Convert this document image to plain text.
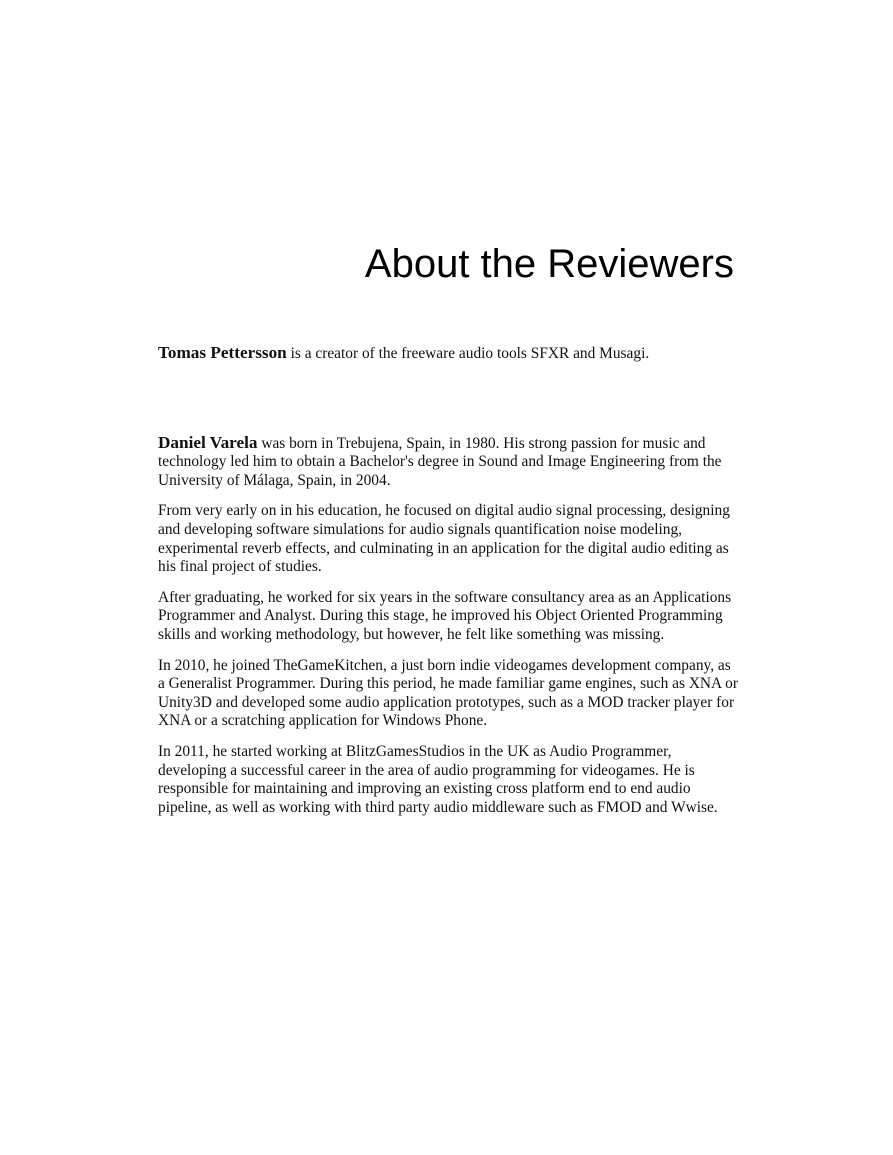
About the Reviewers

Tomas Pettersson is a creator of the freeware audio tools SFXR and Musagi.

Daniel Varela was born in Trebujena, Spain, in 1980. His strong passion for music and technology led him to obtain a Bachelor's degree in Sound and Image Engineering from the University of Málaga, Spain, in 2004.

From very early on in his education, he focused on digital audio signal processing, designing and developing software simulations for audio signals quantification noise modeling, experimental reverb effects, and culminating in an application for the digital audio editing as his final project of studies.

After graduating, he worked for six years in the software consultancy area as an Applications Programmer and Analyst. During this stage, he improved his Object Oriented Programming skills and working methodology, but however, he felt like something was missing.

In 2010, he joined TheGameKitchen, a just born indie videogames development company, as a Generalist Programmer. During this period, he made familiar game engines, such as XNA or Unity3D and developed some audio application prototypes, such as a MOD tracker player for XNA or a scratching application for Windows Phone.

In 2011, he started working at BlitzGamesStudios in the UK as Audio Programmer, developing a successful career in the area of audio programming for videogames. He is responsible for maintaining and improving an existing cross platform end to end audio pipeline, as well as working with third party audio middleware such as FMOD and Wwise.
